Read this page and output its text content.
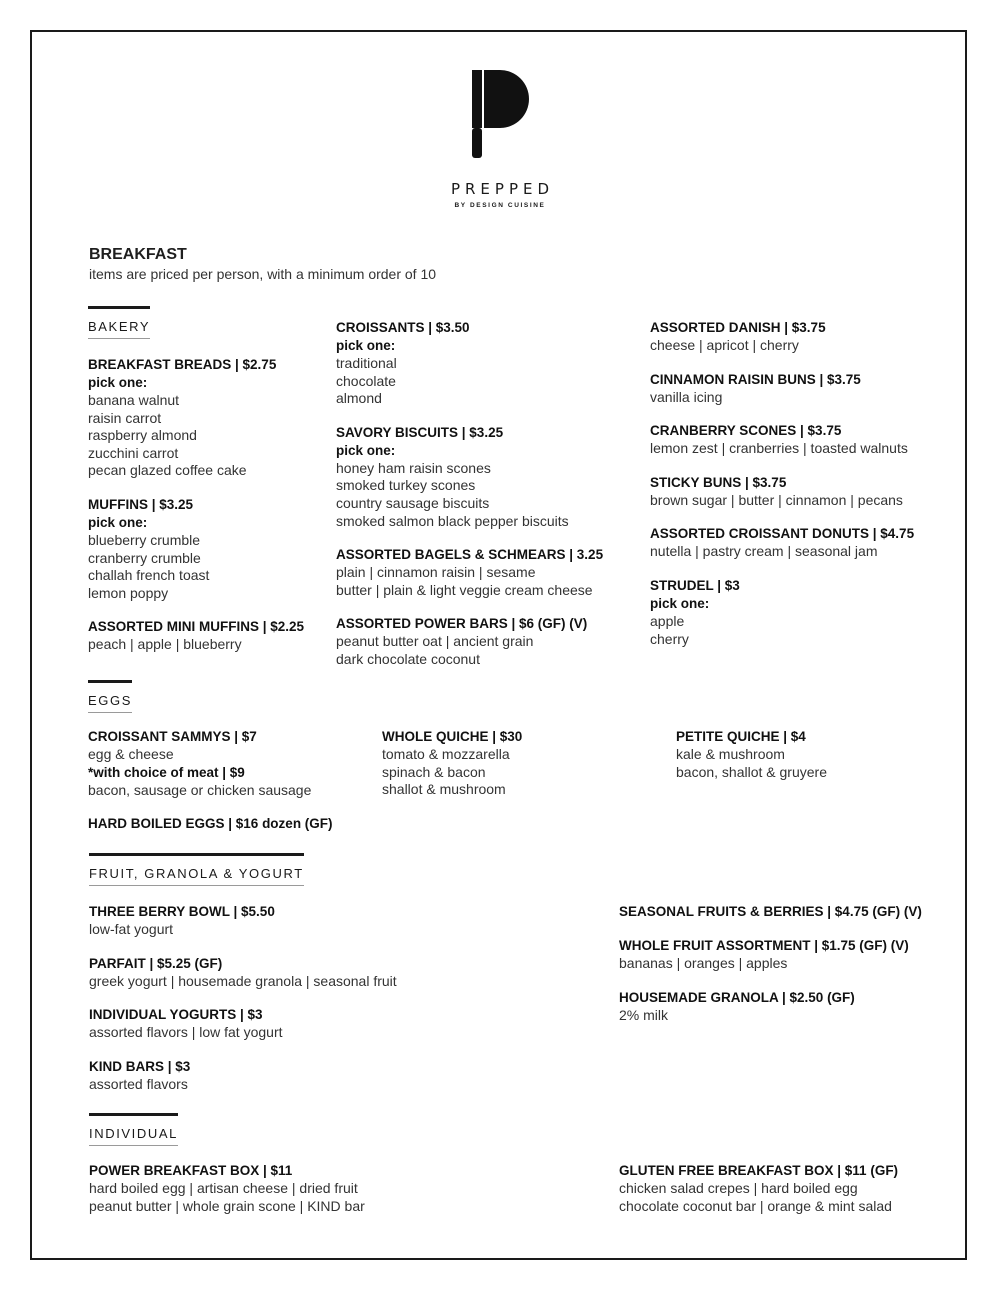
PREPPED
BY DESIGN CUISINE
BREAKFAST
items are priced per person, with a minimum order of 10
BAKERY
BREAKFAST BREADS | $2.75
pick one:
banana walnut
raisin carrot
raspberry almond
zucchini carrot
pecan glazed coffee cake
MUFFINS | $3.25
pick one:
blueberry crumble
cranberry crumble
challah french toast
lemon poppy
ASSORTED MINI MUFFINS | $2.25
peach | apple | blueberry
CROISSANTS | $3.50
pick one:
traditional
chocolate
almond
SAVORY BISCUITS | $3.25
pick one:
honey ham raisin scones
smoked turkey scones
country sausage biscuits
smoked salmon black pepper biscuits
ASSORTED BAGELS & SCHMEARS | 3.25
plain | cinnamon raisin | sesame
butter | plain & light veggie cream cheese
ASSORTED POWER BARS | $6 (GF) (V)
peanut butter oat | ancient grain
dark chocolate coconut
ASSORTED DANISH | $3.75
cheese | apricot | cherry
CINNAMON RAISIN BUNS | $3.75
vanilla icing
CRANBERRY SCONES | $3.75
lemon zest | cranberries | toasted walnuts
STICKY BUNS | $3.75
brown sugar | butter | cinnamon | pecans
ASSORTED CROISSANT DONUTS | $4.75
nutella | pastry cream | seasonal jam
STRUDEL | $3
pick one:
apple
cherry
EGGS
CROISSANT SAMMYS | $7
egg & cheese
*with choice of meat | $9
bacon, sausage or chicken sausage
HARD BOILED EGGS | $16 dozen (GF)
WHOLE QUICHE | $30
tomato & mozzarella
spinach & bacon
shallot & mushroom
PETITE QUICHE | $4
kale & mushroom
bacon, shallot & gruyere
FRUIT, GRANOLA & YOGURT
THREE BERRY BOWL | $5.50
low-fat yogurt
PARFAIT | $5.25 (GF)
greek yogurt | housemade granola | seasonal fruit
INDIVIDUAL YOGURTS | $3
assorted flavors | low fat yogurt
KIND BARS | $3
assorted flavors
SEASONAL FRUITS & BERRIES | $4.75 (GF) (V)
WHOLE FRUIT ASSORTMENT | $1.75 (GF) (V)
bananas | oranges | apples
HOUSEMADE GRANOLA | $2.50 (GF)
2% milk
INDIVIDUAL
POWER BREAKFAST BOX | $11
hard boiled egg | artisan cheese | dried fruit
peanut butter | whole grain scone | KIND bar
GLUTEN FREE BREAKFAST BOX | $11 (GF)
chicken salad crepes | hard boiled egg
chocolate coconut bar | orange & mint salad
